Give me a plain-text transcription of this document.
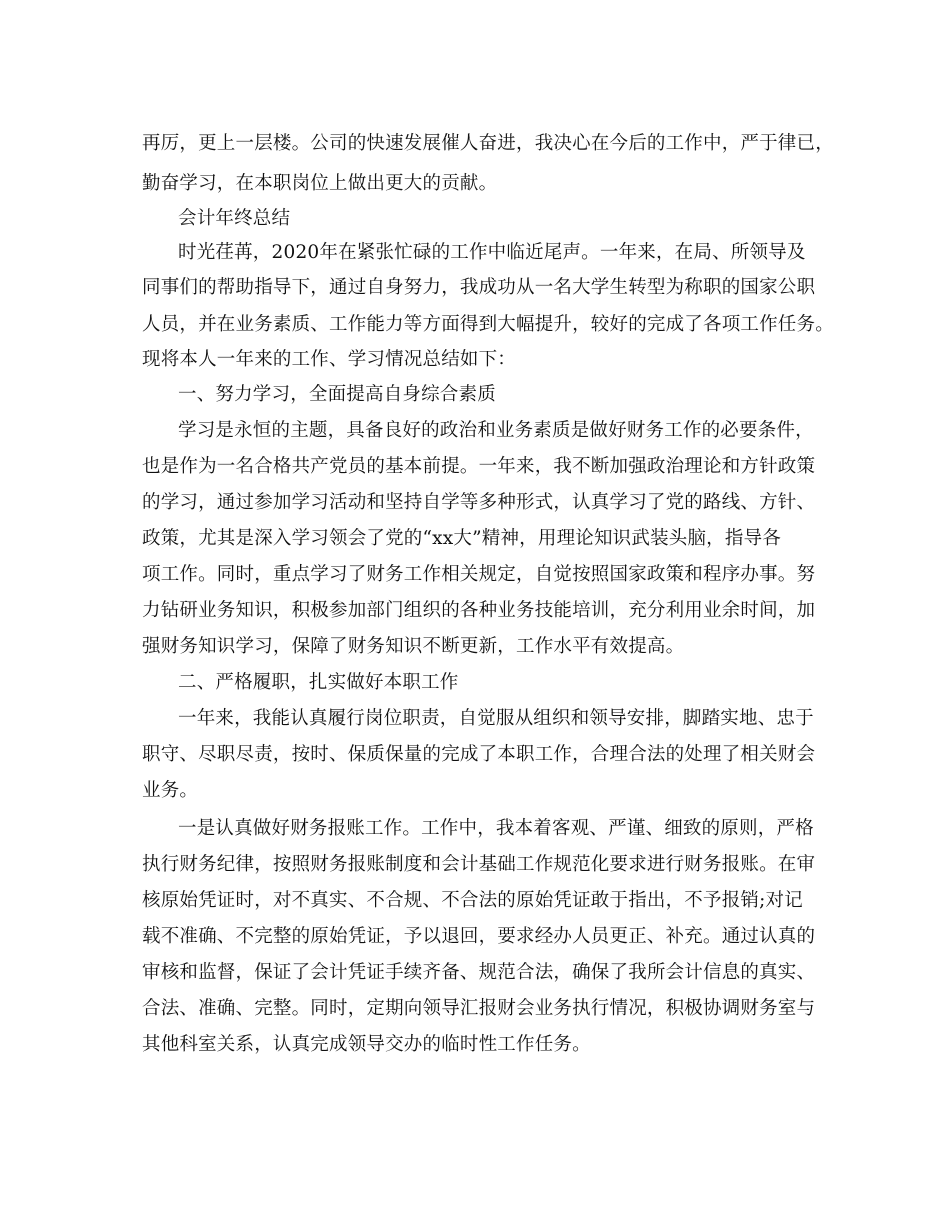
再厉，更上一层楼。公司的快速发展催人奋进，我决心在今后的工作中，严于律已，
勤奋学习，在本职岗位上做出更大的贡献。
会计年终总结
时光荏苒，2020年在紧张忙碌的工作中临近尾声。一年来，在局、所领导及
同事们的帮助指导下，通过自身努力，我成功从一名大学生转型为称职的国家公职
人员，并在业务素质、工作能力等方面得到大幅提升，较好的完成了各项工作任务。
现将本人一年来的工作、学习情况总结如下：
一、努力学习，全面提高自身综合素质
学习是永恒的主题，具备良好的政治和业务素质是做好财务工作的必要条件，
也是作为一名合格共产党员的基本前提。一年来，我不断加强政治理论和方针政策
的学习，通过参加学习活动和坚持自学等多种形式，认真学习了党的路线、方针、
政策，尤其是深入学习领会了党的“xx大”精神，用理论知识武装头脑，指导各
项工作。同时，重点学习了财务工作相关规定，自觉按照国家政策和程序办事。努
力钻研业务知识，积极参加部门组织的各种业务技能培训，充分利用业余时间，加
强财务知识学习，保障了财务知识不断更新，工作水平有效提高。
二、严格履职，扎实做好本职工作
一年来，我能认真履行岗位职责，自觉服从组织和领导安排，脚踏实地、忠于
职守、尽职尽责，按时、保质保量的完成了本职工作，合理合法的处理了相关财会
业务。
一是认真做好财务报账工作。工作中，我本着客观、严谨、细致的原则，严格
执行财务纪律，按照财务报账制度和会计基础工作规范化要求进行财务报账。在审
核原始凭证时，对不真实、不合规、不合法的原始凭证敢于指出，不予报销;对记
载不准确、不完整的原始凭证，予以退回，要求经办人员更正、补充。通过认真的
审核和监督，保证了会计凭证手续齐备、规范合法，确保了我所会计信息的真实、
合法、准确、完整。同时，定期向领导汇报财会业务执行情况，积极协调财务室与
其他科室关系，认真完成领导交办的临时性工作任务。
